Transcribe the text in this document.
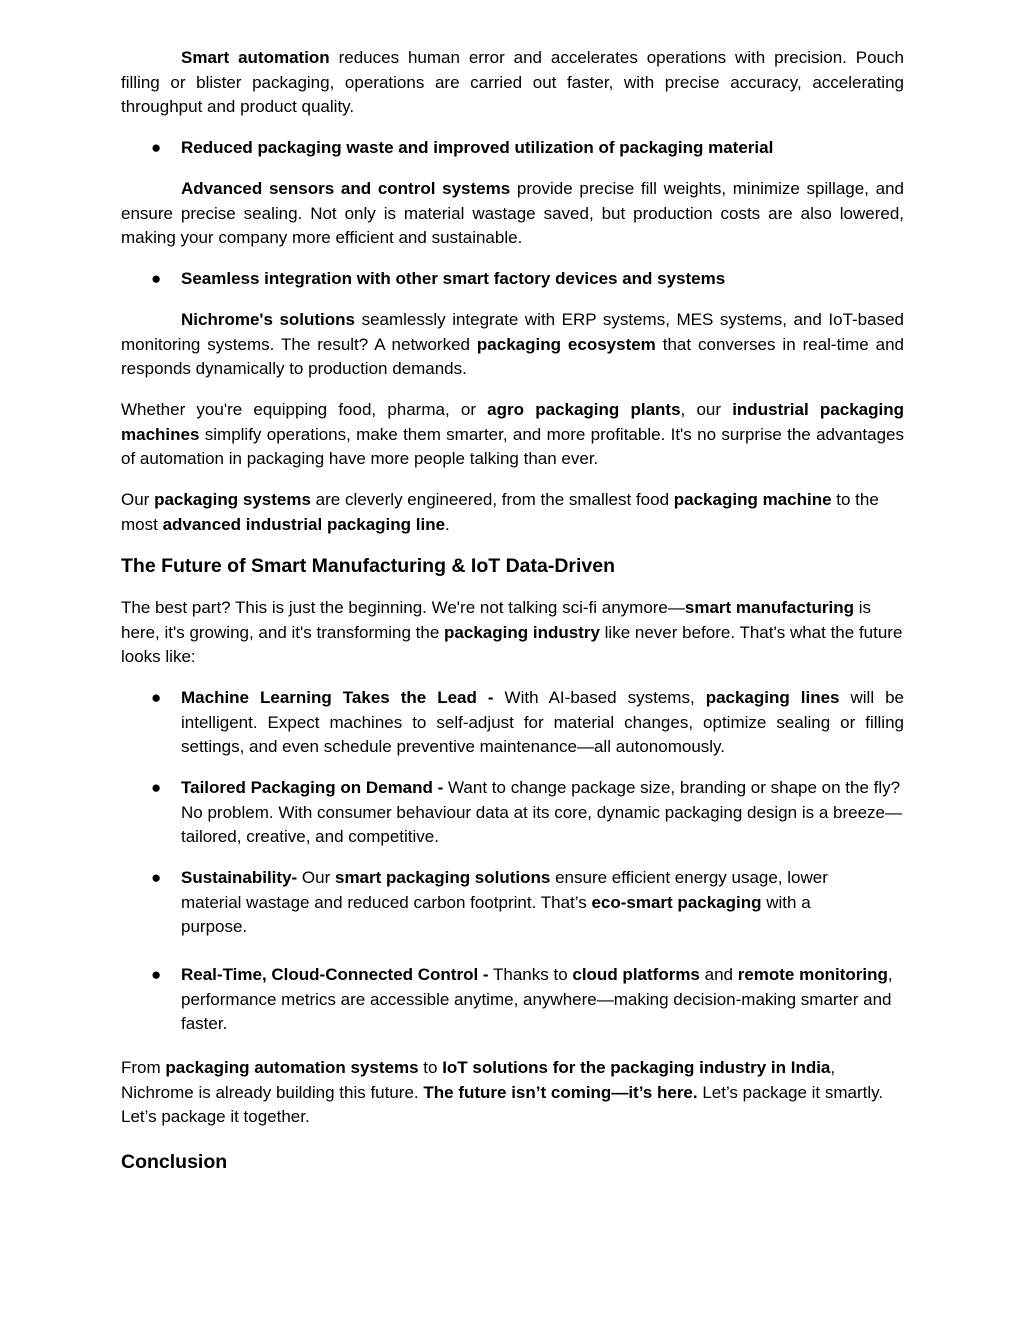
Smart automation reduces human error and accelerates operations with precision. Pouch filling or blister packaging, operations are carried out faster, with precise accuracy, accelerating throughput and product quality.

● Reduced packaging waste and improved utilization of packaging material

Advanced sensors and control systems provide precise fill weights, minimize spillage, and ensure precise sealing. Not only is material wastage saved, but production costs are also lowered, making your company more efficient and sustainable.

● Seamless integration with other smart factory devices and systems

Nichrome's solutions seamlessly integrate with ERP systems, MES systems, and IoT-based monitoring systems. The result? A networked packaging ecosystem that converses in real-time and responds dynamically to production demands.

Whether you're equipping food, pharma, or agro packaging plants, our industrial packaging machines simplify operations, make them smarter, and more profitable. It's no surprise the advantages of automation in packaging have more people talking than ever.

Our packaging systems are cleverly engineered, from the smallest food packaging machine to the most advanced industrial packaging line.

The Future of Smart Manufacturing & IoT Data-Driven

The best part? This is just the beginning. We're not talking sci-fi anymore—smart manufacturing is here, it's growing, and it's transforming the packaging industry like never before. That's what the future looks like:

● Machine Learning Takes the Lead - With AI-based systems, packaging lines will be intelligent. Expect machines to self-adjust for material changes, optimize sealing or filling settings, and even schedule preventive maintenance—all autonomously.
● Tailored Packaging on Demand - Want to change package size, branding or shape on the fly? No problem. With consumer behaviour data at its core, dynamic packaging design is a breeze—tailored, creative, and competitive.
● Sustainability- Our smart packaging solutions ensure efficient energy usage, lower material wastage and reduced carbon footprint. That’s eco-smart packaging with a purpose.
● Real-Time, Cloud-Connected Control - Thanks to cloud platforms and remote monitoring, performance metrics are accessible anytime, anywhere—making decision-making smarter and faster.

From packaging automation systems to IoT solutions for the packaging industry in India, Nichrome is already building this future. The future isn’t coming—it’s here. Let’s package it smartly. Let’s package it together.

Conclusion
